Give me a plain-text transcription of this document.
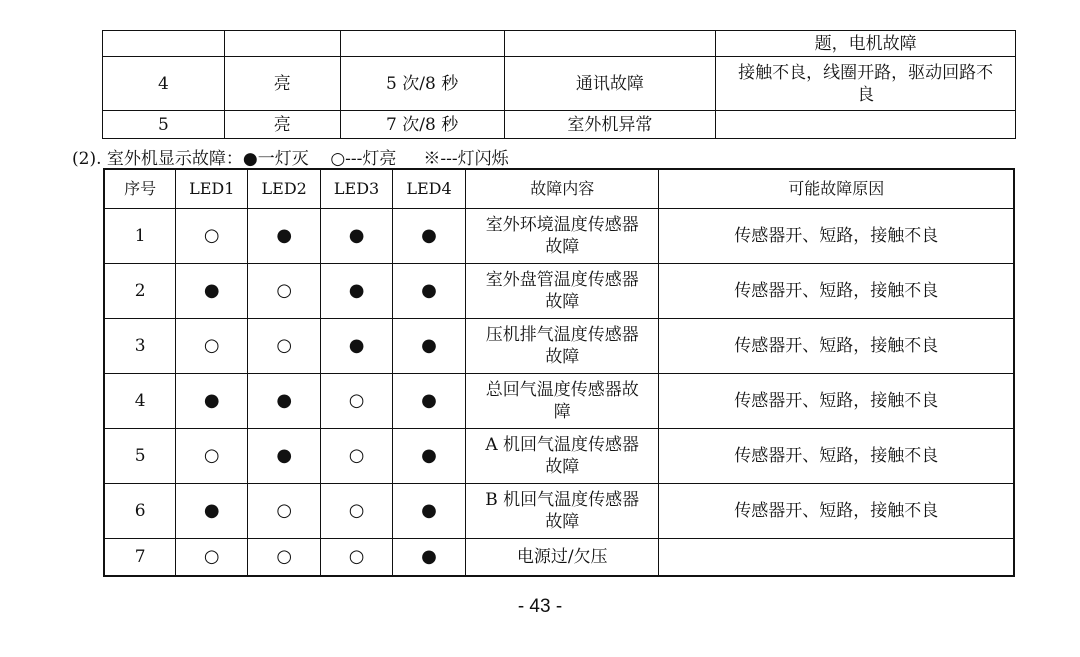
				题，电机故障
4	亮	5 次/8 秒	通讯故障	接触不良，线圈开路，驱动回路不良
5	亮	7 次/8 秒	室外机异常	
(2). 室外机显示故障：●一灯灭    ○---灯亮     ※---灯闪烁
序号	LED1	LED2	LED3	LED4	故障内容	可能故障原因
1	○	●	●	●	室外环境温度传感器故障	传感器开、短路，接触不良
2	●	○	●	●	室外盘管温度传感器故障	传感器开、短路，接触不良
3	○	○	●	●	压机排气温度传感器故障	传感器开、短路，接触不良
4	●	●	○	●	总回气温度传感器故障	传感器开、短路，接触不良
5	○	●	○	●	A 机回气温度传感器故障	传感器开、短路，接触不良
6	●	○	○	●	B 机回气温度传感器故障	传感器开、短路，接触不良
7	○	○	○	●	电源过/欠压	
- 43 -
